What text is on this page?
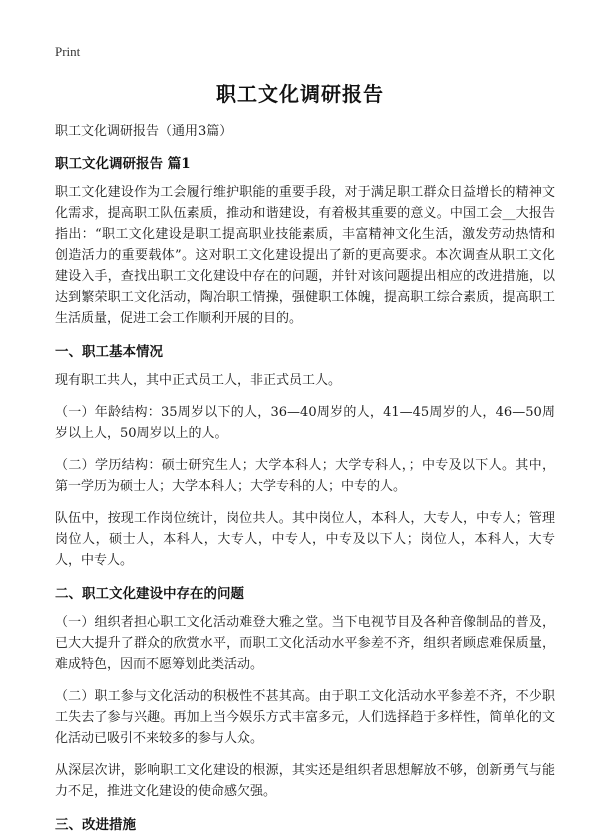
Print
职工文化调研报告
职工文化调研报告（通用3篇）
职工文化调研报告 篇1
职工文化建设作为工会履行维护职能的重要手段，对于满足职工群众日益增长的精神文化需求，提高职工队伍素质，推动和谐建设，有着极其重要的意义。中国工会__大报告指出：“职工文化建设是职工提高职业技能素质，丰富精神文化生活，激发劳动热情和创造活力的重要载体”。这对职工文化建设提出了新的更高要求。本次调查从职工文化建设入手，查找出职工文化建设中存在的问题，并针对该问题提出相应的改进措施，以达到繁荣职工文化活动，陶冶职工情操，强健职工体魄，提高职工综合素质，提高职工生活质量，促进工会工作顺利开展的目的。
一、职工基本情况
现有职工共人，其中正式员工人，非正式员工人。
（一）年龄结构：35周岁以下的人，36—40周岁的人，41—45周岁的人，46—50周岁以上人，50周岁以上的人。
（二）学历结构：硕士研究生人；大学本科人；大学专科人，；中专及以下人。其中，第一学历为硕士人；大学本科人；大学专科的人；中专的人。
队伍中，按现工作岗位统计，岗位共人。其中岗位人，本科人，大专人，中专人；管理岗位人，硕士人，本科人，大专人，中专人，中专及以下人；岗位人，本科人，大专人，中专人。
二、职工文化建设中存在的问题
（一）组织者担心职工文化活动难登大雅之堂。当下电视节目及各种音像制品的普及，已大大提升了群众的欣赏水平，而职工文化活动水平参差不齐，组织者顾虑难保质量，难成特色，因而不愿筹划此类活动。
（二）职工参与文化活动的积极性不甚其高。由于职工文化活动水平参差不齐，不少职工失去了参与兴趣。再加上当今娱乐方式丰富多元，人们选择趋于多样性，简单化的文化活动已吸引不来较多的参与人众。
从深层次讲，影响职工文化建设的根源，其实还是组织者思想解放不够，创新勇气与能力不足，推进文化建设的使命感欠强。
三、改进措施
